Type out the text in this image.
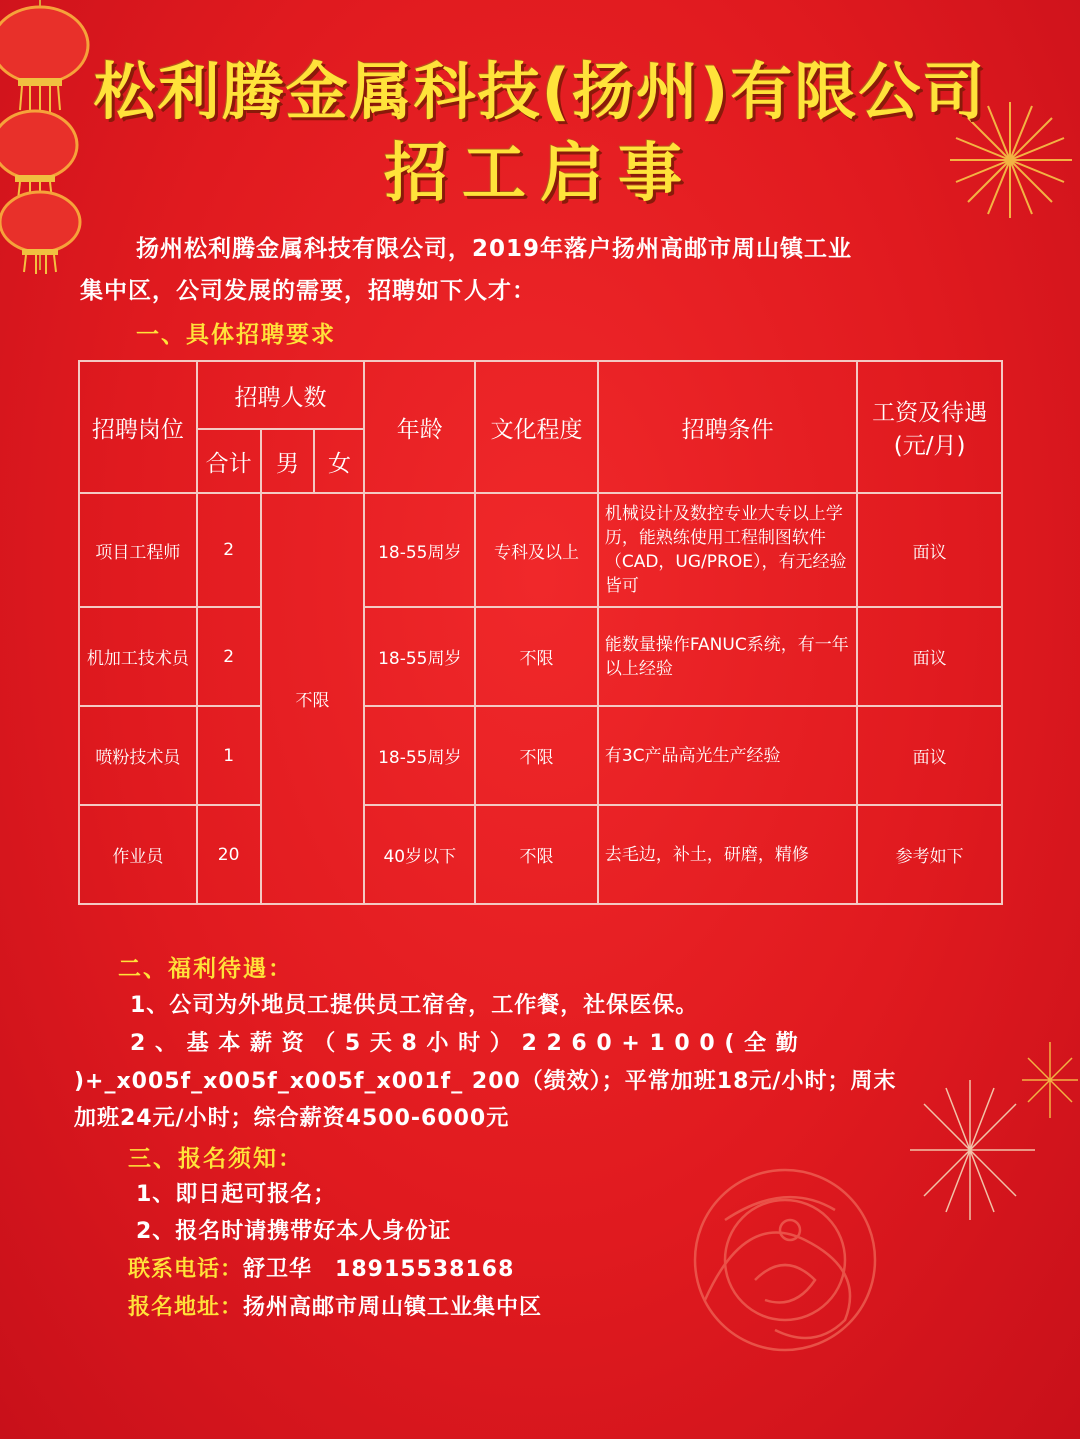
松利腾金属科技(扬州)有限公司
招工启事
扬州松利腾金属科技有限公司，2019年落户扬州高邮市周山镇工业
集中区，公司发展的需要，招聘如下人才：
一、具体招聘要求
招聘岗位	招聘人数			年龄	文化程度	招聘条件	工资及待遇
(元/月)

	合计	男	女				
项目工程师	2	不限		18-55周岁	专科及以上	机械设计及数控专业大专以上学历，能熟练使用工程制图软件（CAD，UG/PROE），有无经验皆可	面议
机加工技术员	2			18-55周岁	不限	能数量操作FANUC系统，有一年以上经验	面议
喷粉技术员	1			18-55周岁	不限	有3C产品高光生产经验	面议
作业员	20			40岁以下	不限	去毛边，补土，研磨，精修	参考如下
二、福利待遇：
1、公司为外地员工提供员工宿舍，工作餐，社保医保。
2 、 基 本 薪 资 （ 5 天 8 小 时 ） 2 2 6 0 + 1 0 0 ( 全 勤
)+_x005f_x005f_x005f_x001f_ 200（绩效）；平常加班18元/小时；周末
加班24元/小时；综合薪资4500-6000元
三、报名须知：
1、即日起可报名；
2、报名时请携带好本人身份证
联系电话：舒卫华　18915538168
报名地址：扬州高邮市周山镇工业集中区
